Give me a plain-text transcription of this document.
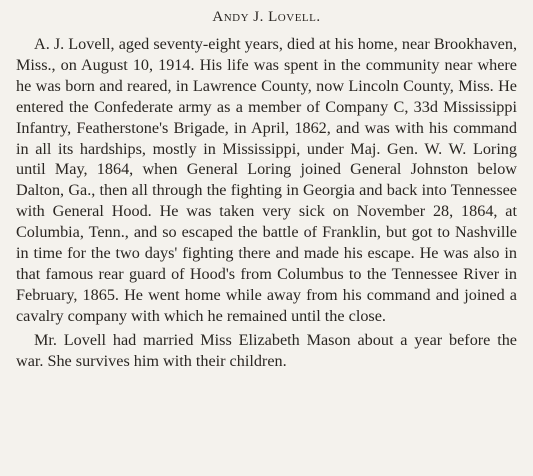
Andy J. Lovell.

A. J. Lovell, aged seventy-eight years, died at his home, near Brookhaven, Miss., on August 10, 1914. His life was spent in the community near where he was born and reared, in Lawrence County, now Lincoln County, Miss. He entered the Confederate army as a member of Company C, 33d Mississippi Infantry, Featherstone's Brigade, in April, 1862, and was with his command in all its hardships, mostly in Mississippi, under Maj. Gen. W. W. Loring until May, 1864, when General Loring joined General Johnston below Dalton, Ga., then all through the fighting in Georgia and back into Tennessee with General Hood. He was taken very sick on November 28, 1864, at Columbia, Tenn., and so escaped the battle of Franklin, but got to Nashville in time for the two days' fighting there and made his escape. He was also in that famous rear guard of Hood's from Columbus to the Tennessee River in February, 1865. He went home while away from his command and joined a cavalry company with which he remained until the close.

Mr. Lovell had married Miss Elizabeth Mason about a year before the war. She survives him with their children.
